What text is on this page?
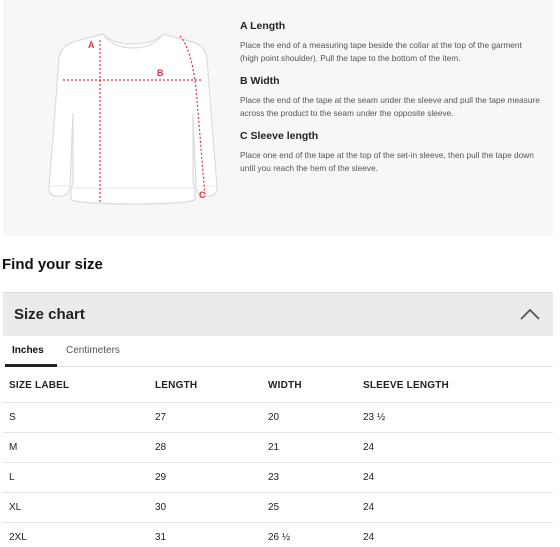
A
B
C
A Length
Place the end of a measuring tape beside the collar at the top of the garment (high point shoulder). Pull the tape to the bottom of the item.
B Width
Place the end of the tape at the seam under the sleeve and pull the tape measure across the product to the seam under the opposite sleeve.
C Sleeve length
Place one end of the tape at the top of the set-in sleeve, then pull the tape down until you reach the hem of the sleeve.
Find your size
Size chart
Inches Centimeters
SIZE LABEL	LENGTH	WIDTH	SLEEVE LENGTH
S	27	20	23 ½
M	28	21	24
L	29	23	24
XL	30	25	24
2XL	31	26 ½	24
